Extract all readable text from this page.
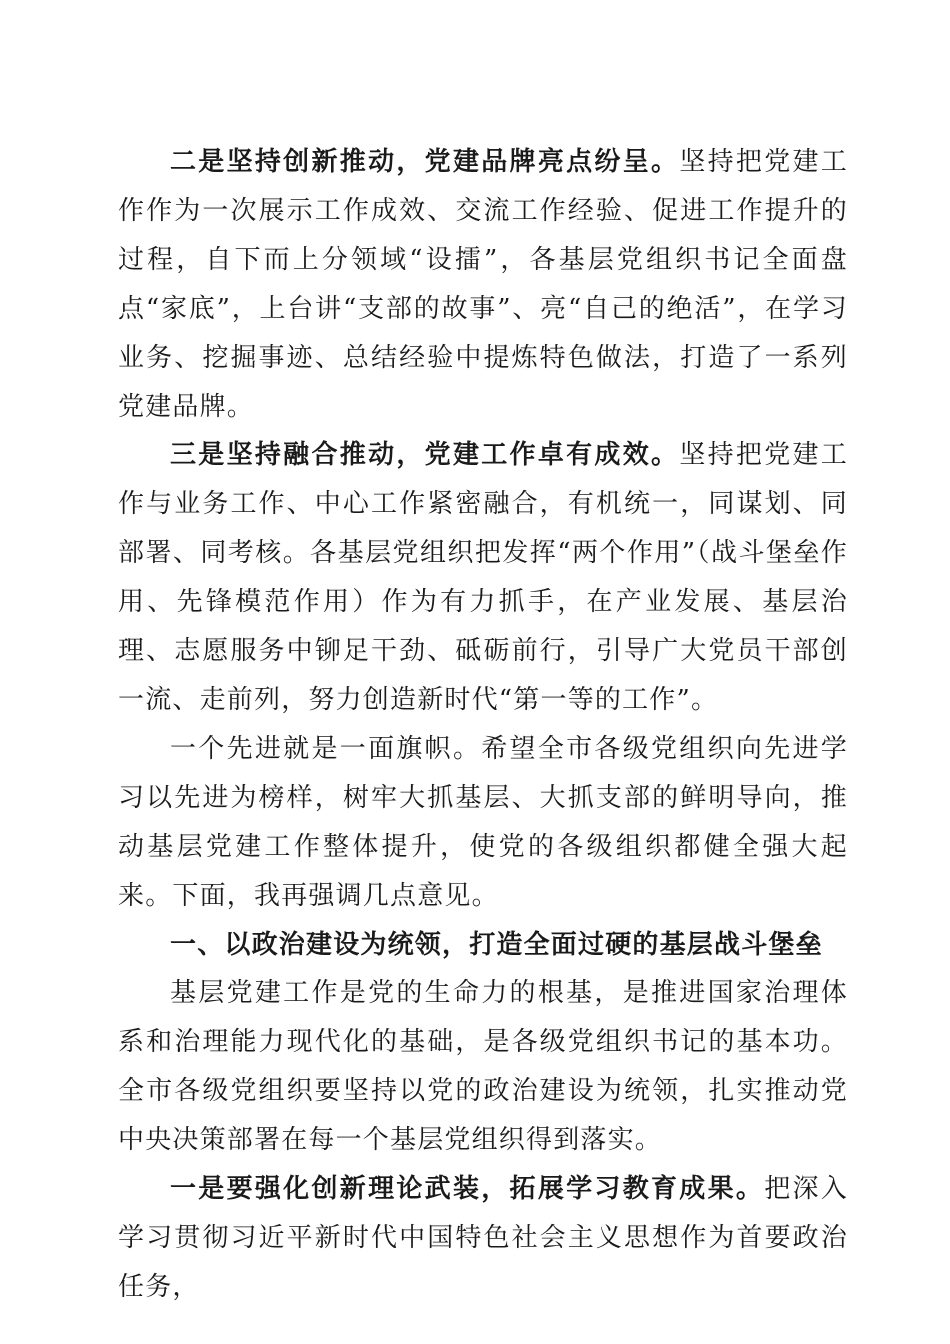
二是坚持创新推动，党建品牌亮点纷呈。坚持把党建工作作为一次展示工作成效、交流工作经验、促进工作提升的过程，自下而上分领域“设擂”，各基层党组织书记全面盘点“家底”，上台讲“支部的故事”、亮“自己的绝活”，在学习业务、挖掘事迹、总结经验中提炼特色做法，打造了一系列党建品牌。

三是坚持融合推动，党建工作卓有成效。坚持把党建工作与业务工作、中心工作紧密融合，有机统一，同谋划、同部署、同考核。各基层党组织把发挥“两个作用”（战斗堡垒作用、先锋模范作用）作为有力抓手，在产业发展、基层治理、志愿服务中铆足干劲、砥砺前行，引导广大党员干部创一流、走前列，努力创造新时代“第一等的工作”。

一个先进就是一面旗帜。希望全市各级党组织向先进学习以先进为榜样，树牢大抓基层、大抓支部的鲜明导向，推动基层党建工作整体提升，使党的各级组织都健全强大起来。下面，我再强调几点意见。

一、以政治建设为统领，打造全面过硬的基层战斗堡垒

基层党建工作是党的生命力的根基，是推进国家治理体系和治理能力现代化的基础，是各级党组织书记的基本功。全市各级党组织要坚持以党的政治建设为统领，扎实推动党中央决策部署在每一个基层党组织得到落实。

一是要强化创新理论武装，拓展学习教育成果。把深入学习贯彻习近平新时代中国特色社会主义思想作为首要政治任务，
